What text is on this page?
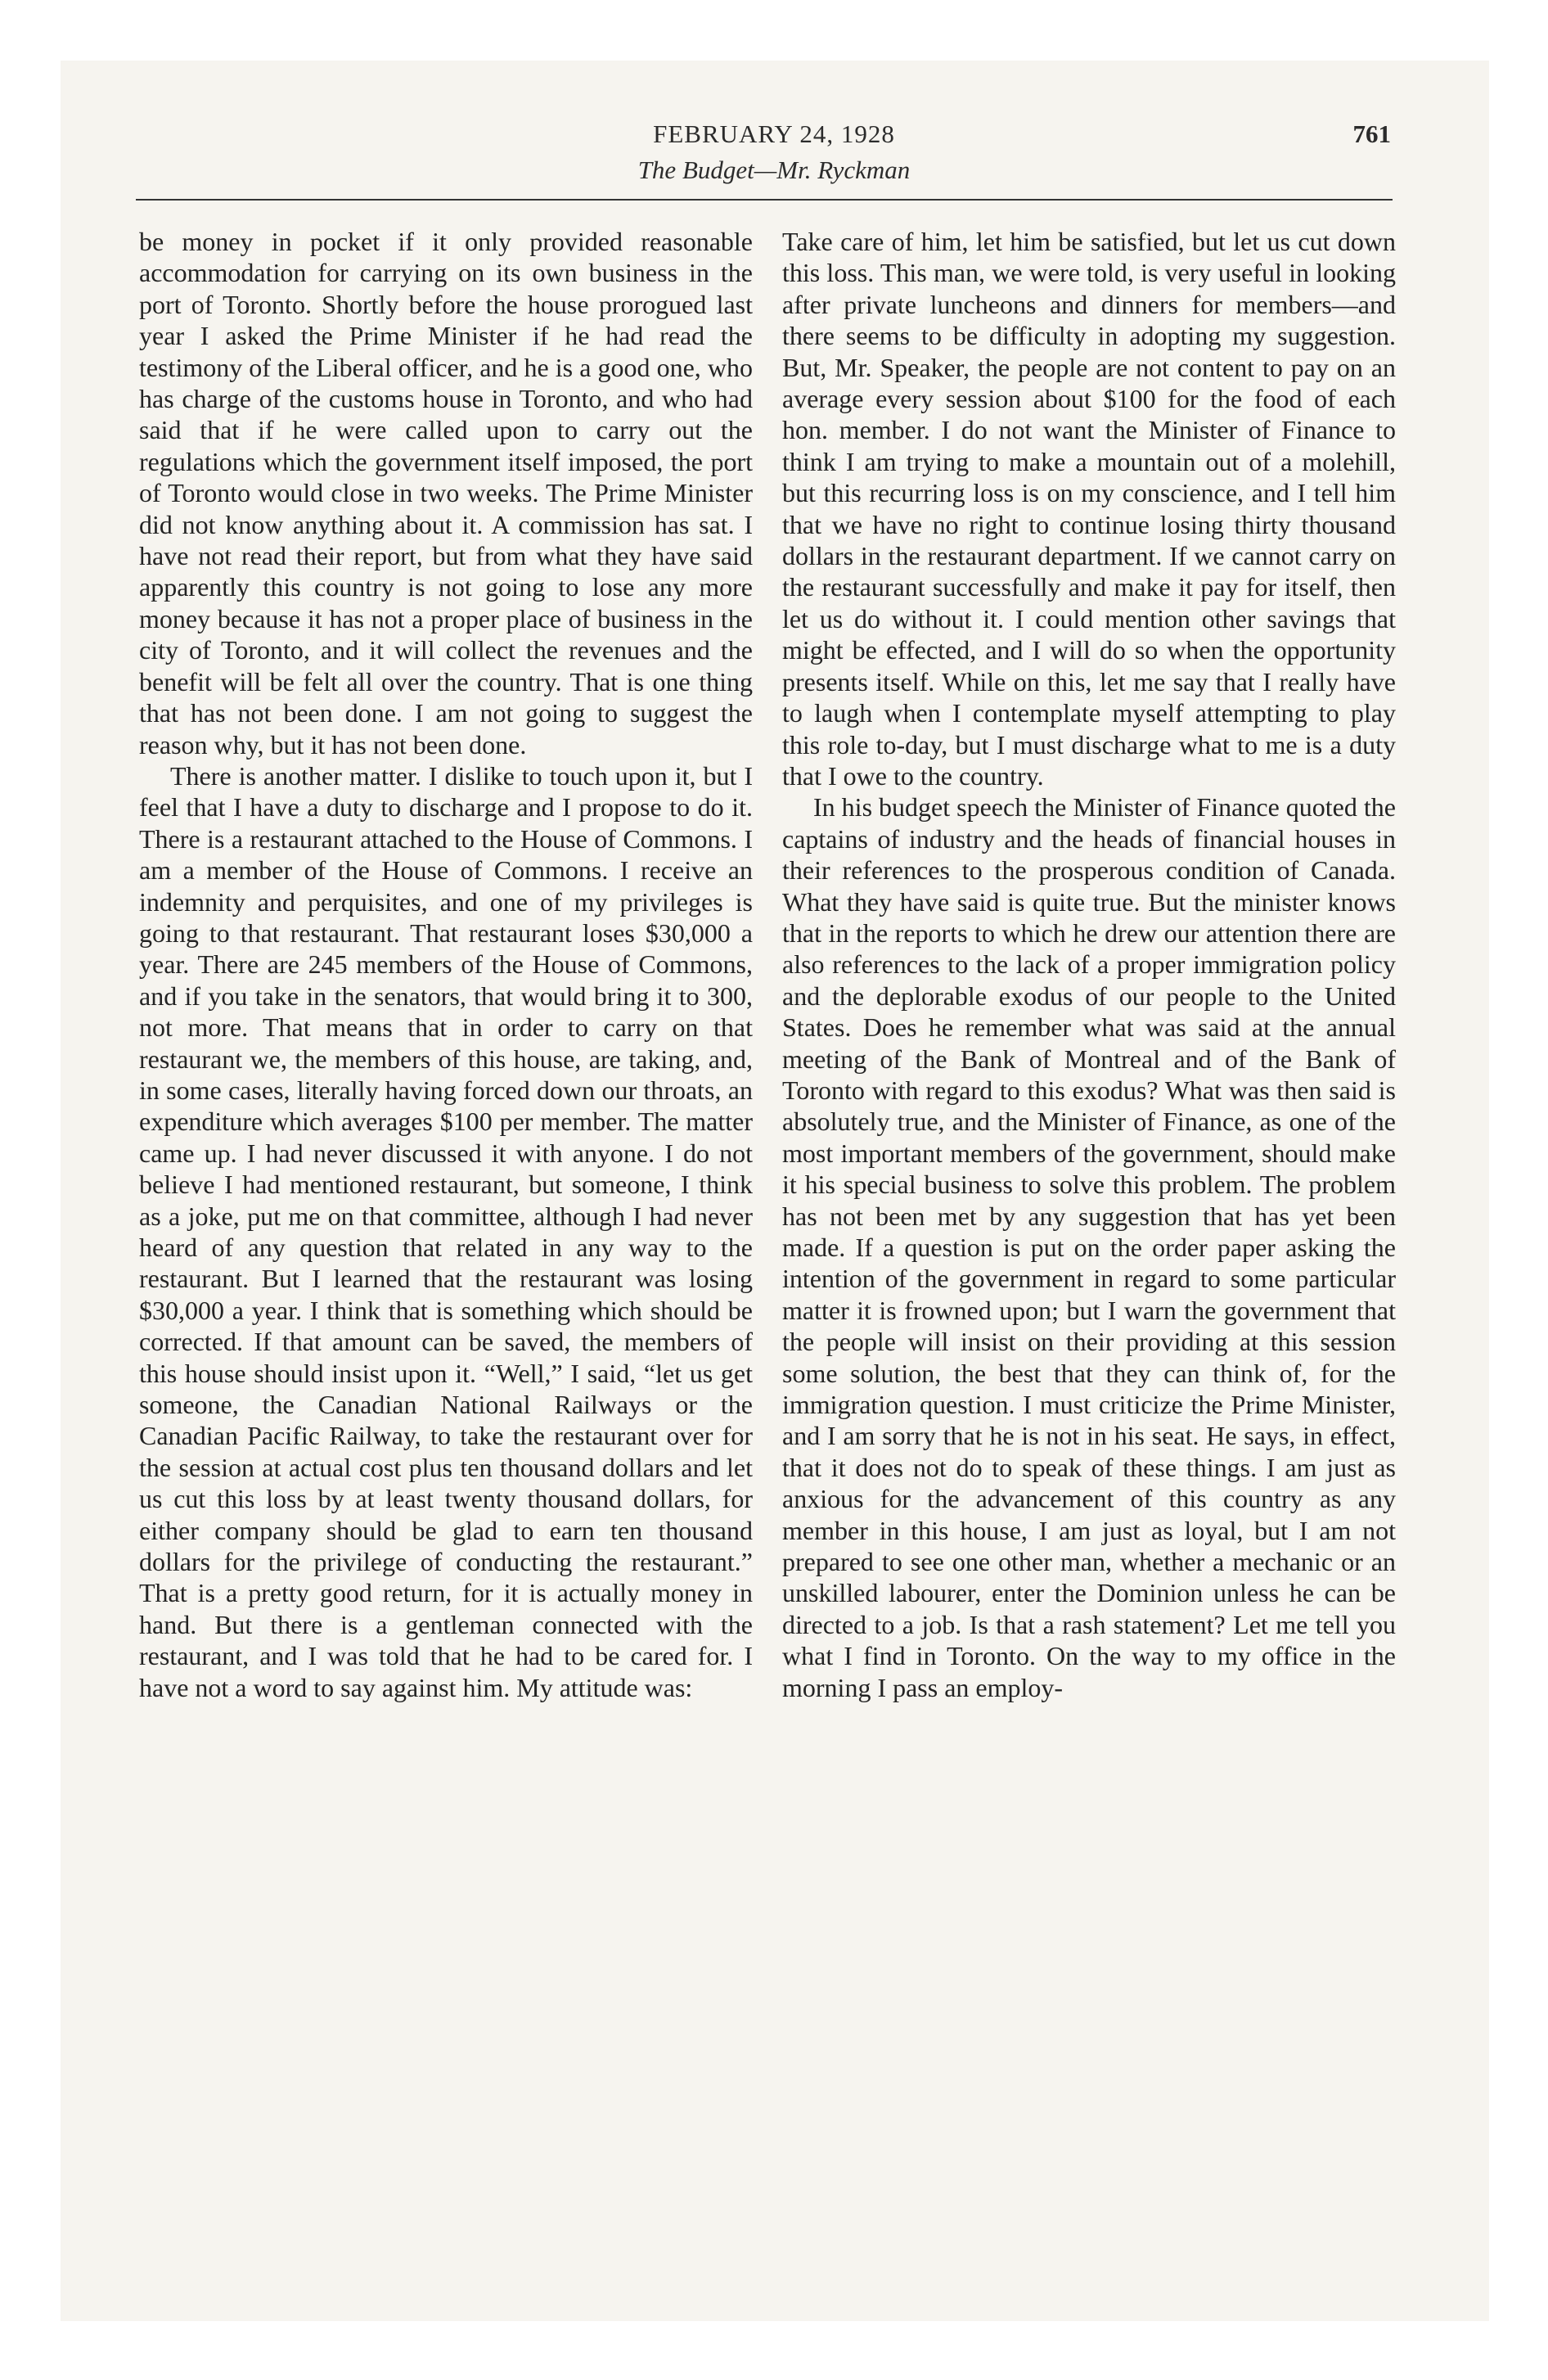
FEBRUARY 24, 1928	761
The Budget—Mr. Ryckman

be money in pocket if it only provided reasonable accommodation for carrying on its own business in the port of Toronto. Shortly before the house prorogued last year I asked the Prime Minister if he had read the testimony of the Liberal officer, and he is a good one, who has charge of the customs house in Toronto, and who had said that if he were called upon to carry out the regulations which the government itself imposed, the port of Toronto would close in two weeks. The Prime Minister did not know anything about it. A commission has sat. I have not read their report, but from what they have said apparently this country is not going to lose any more money because it has not a proper place of business in the city of Toronto, and it will collect the revenues and the benefit will be felt all over the country. That is one thing that has not been done. I am not going to suggest the reason why, but it has not been done.

There is another matter. I dislike to touch upon it, but I feel that I have a duty to discharge and I propose to do it. There is a restaurant attached to the House of Commons. I am a member of the House of Commons. I receive an indemnity and perquisites, and one of my privileges is going to that restaurant. That restaurant loses $30,000 a year. There are 245 members of the House of Commons, and if you take in the senators, that would bring it to 300, not more. That means that in order to carry on that restaurant we, the members of this house, are taking, and, in some cases, literally having forced down our throats, an expenditure which averages $100 per member. The matter came up. I had never discussed it with anyone. I do not believe I had mentioned restaurant, but someone, I think as a joke, put me on that committee, although I had never heard of any question that related in any way to the restaurant. But I learned that the restaurant was losing $30,000 a year. I think that is something which should be corrected. If that amount can be saved, the members of this house should insist upon it. “Well,” I said, “let us get someone, the Canadian National Railways or the Canadian Pacific Railway, to take the restaurant over for the session at actual cost plus ten thousand dollars and let us cut this loss by at least twenty thousand dollars, for either company should be glad to earn ten thousand dollars for the privilege of conducting the restaurant.” That is a pretty good return, for it is actually money in hand. But there is a gentleman connected with the restaurant, and I was told that he had to be cared for. I have not a word to say against him. My attitude was:

Take care of him, let him be satisfied, but let us cut down this loss. This man, we were told, is very useful in looking after private luncheons and dinners for members—and there seems to be difficulty in adopting my suggestion. But, Mr. Speaker, the people are not content to pay on an average every session about $100 for the food of each hon. member. I do not want the Minister of Finance to think I am trying to make a mountain out of a molehill, but this recurring loss is on my conscience, and I tell him that we have no right to continue losing thirty thousand dollars in the restaurant department. If we cannot carry on the restaurant successfully and make it pay for itself, then let us do without it. I could mention other savings that might be effected, and I will do so when the opportunity presents itself. While on this, let me say that I really have to laugh when I contemplate myself attempting to play this role to-day, but I must discharge what to me is a duty that I owe to the country.

In his budget speech the Minister of Finance quoted the captains of industry and the heads of financial houses in their references to the prosperous condition of Canada. What they have said is quite true. But the minister knows that in the reports to which he drew our attention there are also references to the lack of a proper immigration policy and the deplorable exodus of our people to the United States. Does he remember what was said at the annual meeting of the Bank of Montreal and of the Bank of Toronto with regard to this exodus? What was then said is absolutely true, and the Minister of Finance, as one of the most important members of the government, should make it his special business to solve this problem. The problem has not been met by any suggestion that has yet been made. If a question is put on the order paper asking the intention of the government in regard to some particular matter it is frowned upon; but I warn the government that the people will insist on their providing at this session some solution, the best that they can think of, for the immigration question. I must criticize the Prime Minister, and I am sorry that he is not in his seat. He says, in effect, that it does not do to speak of these things. I am just as anxious for the advancement of this country as any member in this house, I am just as loyal, but I am not prepared to see one other man, whether a mechanic or an unskilled labourer, enter the Dominion unless he can be directed to a job. Is that a rash statement? Let me tell you what I find in Toronto. On the way to my office in the morning I pass an employ-
